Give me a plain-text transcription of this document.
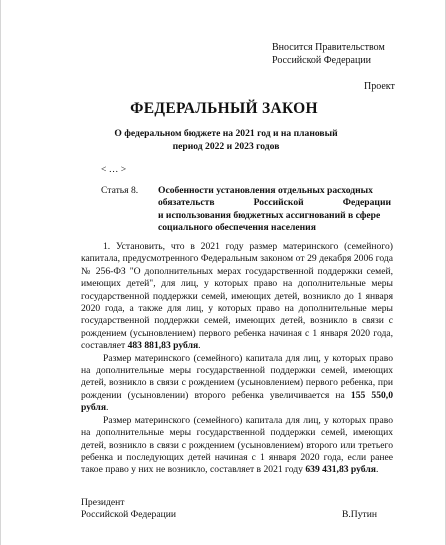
Вносится Правительством
Российской Федерации
Проект
ФЕДЕРАЛЬНЫЙ ЗАКОН
О федеральном бюджете на 2021 год и на плановый
период 2022 и 2023 годов
< … >
Статья 8. Особенности установления отдельных расходных
обязательств Российской Федерации
и использования бюджетных ассигнований в сфере
социального обеспечения населения

1. Установить, что в 2021 году размер материнского (семейного) капитала, предусмотренного Федеральным законом от 29 декабря 2006 года № 256-ФЗ "О дополнительных мерах государственной поддержки семей, имеющих детей", для лиц, у которых право на дополнительные меры государственной поддержки семей, имеющих детей, возникло до 1 января 2020 года, а также для лиц, у которых право на дополнительные меры государственной поддержки семей, имеющих детей, возникло в связи с рождением (усыновлением) первого ребенка начиная с 1 января 2020 года, составляет 483 881,83 рубля.

Размер материнского (семейного) капитала для лиц, у которых право на дополнительные меры государственной поддержки семей, имеющих детей, возникло в связи с рождением (усыновлением) первого ребенка, при рождении (усыновлении) второго ребенка увеличивается на 155 550,0 рубля.

Размер материнского (семейного) капитала для лиц, у которых право на дополнительные меры государственной поддержки семей, имеющих детей, возникло в связи с рождением (усыновлением) второго или третьего ребенка и последующих детей начиная с 1 января 2020 года, если ранее такое право у них не возникло, составляет в 2021 году 639 431,83 рубля.

Президент
Российской Федерации	В.Путин
